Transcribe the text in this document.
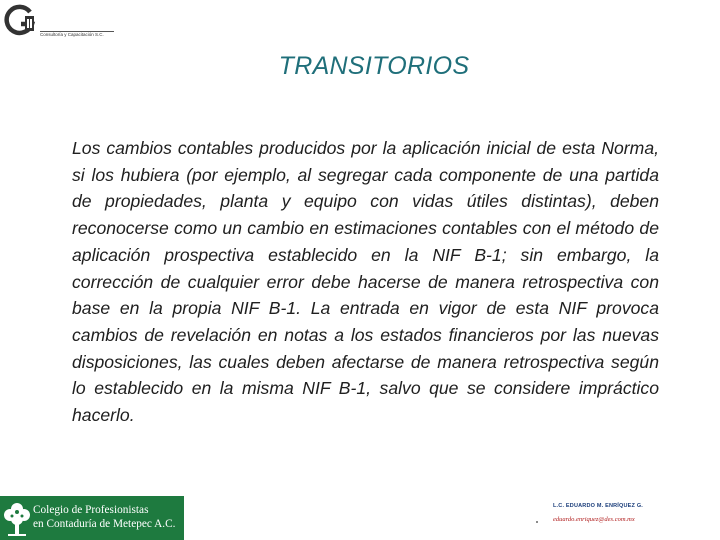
Consultoría y Capacitación S.C.
TRANSITORIOS
Los cambios contables producidos por la aplicación inicial de esta Norma, si los hubiera (por ejemplo, al segregar cada componente de una partida de propiedades, planta y equipo con vidas útiles distintas), deben reconocerse como un cambio en estimaciones contables con el método de aplicación prospectiva establecido en la NIF B-1; sin embargo, la corrección de cualquier error debe hacerse de manera retrospectiva con base en la propia NIF B-1. La entrada en vigor de esta NIF provoca cambios de revelación en notas a los estados financieros por las nuevas disposiciones, las cuales deben afectarse de manera retrospectiva según lo establecido en la misma NIF B-1, salvo que se considere impráctico hacerlo.
Colegio de Profesionistas
en Contaduría de Metepec A.C.
L.C. EDUARDO M. ENRÍQUEZ G.
eduardo.enriquez@des.com.mx
